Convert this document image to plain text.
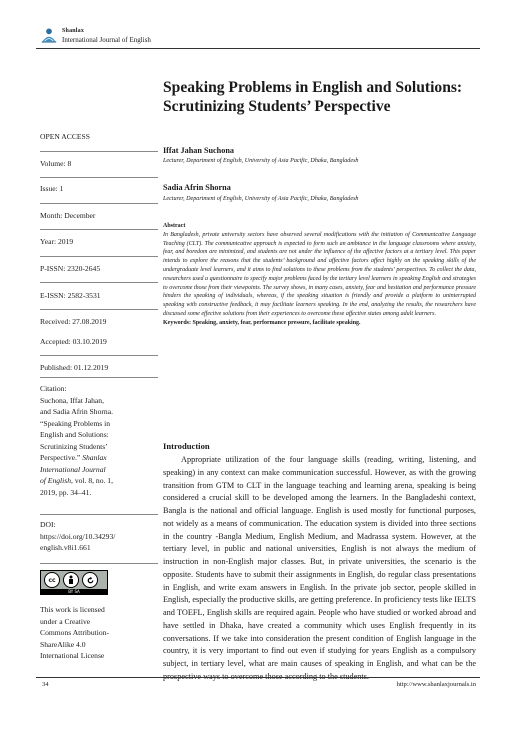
Shanlax
International Journal of English
Speaking Problems in English and Solutions: Scrutinizing Students’ Perspective
OPEN ACCESS
Volume: 8
Issue: 1
Month: December
Year: 2019
P-ISSN: 2320-2645
E-ISSN: 2582-3531
Received: 27.08.2019
Accepted: 03.10.2019
Published: 01.12.2019
Citation:
Suchona, Iffat Jahan,
and Sadia Afrin Shorna.
“Speaking Problems in
English and Solutions:
Scrutinizing Students’
Perspective.” Shanlax
International Journal
of English, vol. 8, no. 1,
2019, pp. 34–41.
DOI:
https://doi.org/10.34293/
english.v8i1.661
cc
BY SA
This work is licensed
under a Creative
Commons Attribution-
ShareAlike 4.0
International License
Iffat Jahan Suchona
Lecturer, Department of English, University of Asia Pacific, Dhaka, Bangladesh
Sadia Afrin Shorna
Lecturer, Department of English, University of Asia Pacific, Dhaka, Bangladesh
Abstract
In Bangladesh, private university sectors have observed several modifications with the initiation of Communicative Language Teaching (CLT). The communicative approach is expected to form such an ambiance in the language classrooms where anxiety, fear, and boredom are minimized, and students are not under the influence of the affective factors at a tertiary level. This paper intends to explore the reasons that the students’ background and affective factors affect highly on the speaking skills of the undergraduate level learners, and it aims to find solutions to these problems from the students’ perspectives. To collect the data, researchers used a questionnaire to specify major problems faced by the tertiary level learners in speaking English and strategies to overcome those from their viewpoints. The survey shows, in many cases, anxiety, fear and hesitation and performance pressure hinders the speaking of individuals, whereas, if the speaking situation is friendly and provide a platform to uninterrupted speaking with constructive feedback, it may facilitate learners speaking. In the end, analyzing the results, the researchers have discussed some effective solutions from their experiences to overcome these affective states among adult learners.
Keywords: Speaking, anxiety, fear, performance pressure, facilitate speaking.
Introduction
Appropriate utilization of the four language skills (reading, writing, listening, and speaking) in any context can make communication successful. However, as with the growing transition from GTM to CLT in the language teaching and learning arena, speaking is being considered a crucial skill to be developed among the learners. In the Bangladeshi context, Bangla is the national and official language. English is used mostly for functional purposes, not widely as a means of communication. The education system is divided into three sections in the country -Bangla Medium, English Medium, and Madrassa system. However, at the tertiary level, in public and national universities, English is not always the medium of instruction in non-English major classes. But, in private universities, the scenario is the opposite. Students have to submit their assignments in English, do regular class presentations in English, and write exam answers in English. In the private job sector, people skilled in English, especially the productive skills, are getting preference. In proficiency tests like IELTS and TOEFL, English skills are required again. People who have studied or worked abroad and have settled in Dhaka, have created a community which uses English frequently in its conversations. If we take into consideration the present condition of English language in the country, it is very important to find out even if studying for years English as a compulsory subject, in tertiary level, what are main causes of speaking in English, and what can be the prospective ways to overcome those according to the students.
34	http://www.shanlaxjournals.in
